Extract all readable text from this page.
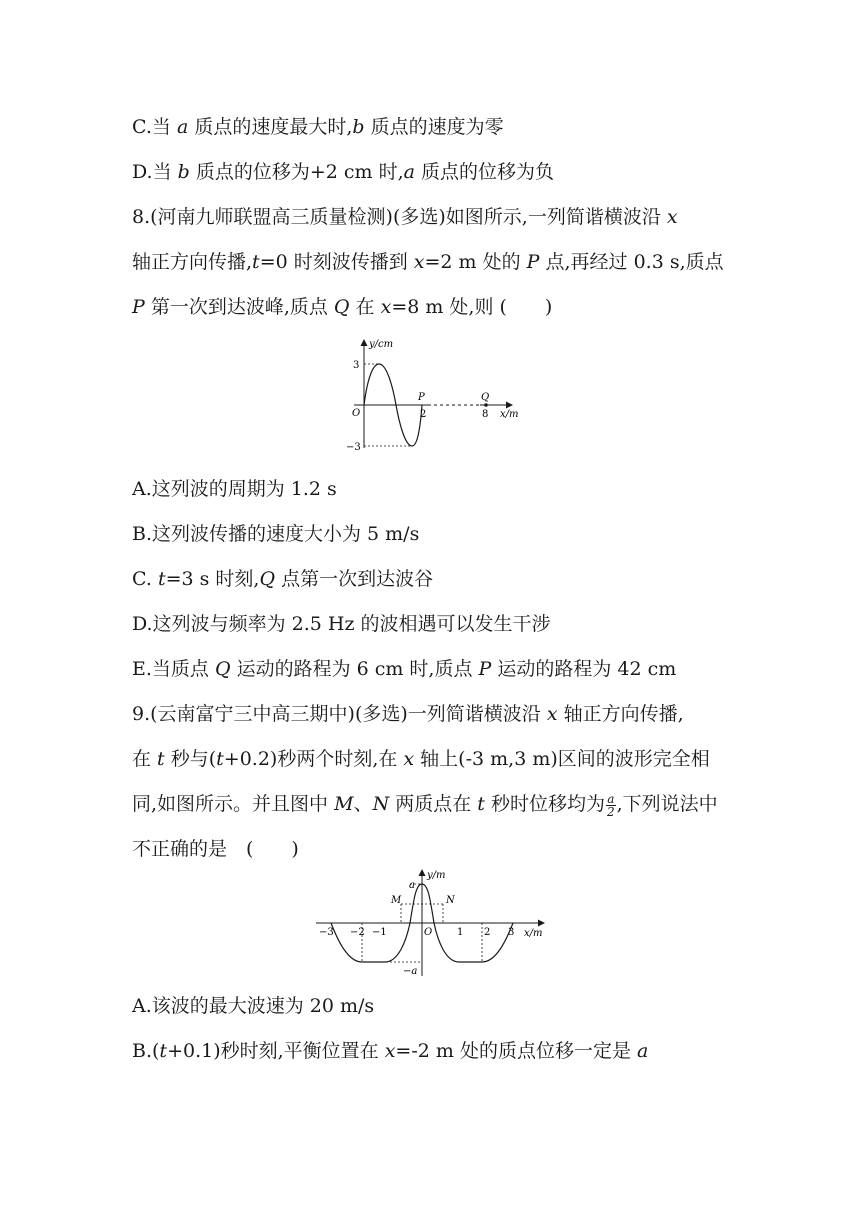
C.当 a 质点的速度最大时,b 质点的速度为零
D.当 b 质点的位移为+2 cm 时,a 质点的位移为负
8.(河南九师联盟高三质量检测)(多选)如图所示,一列简谐横波沿 x
轴正方向传播,t=0 时刻波传播到 x=2 m 处的 P 点,再经过 0.3 s,质点
P 第一次到达波峰,质点 Q 在 x=8 m 处,则 (　　)
y/cm
3
−3
O
P
2
Q
8 x/m
A.这列波的周期为 1.2 s
B.这列波传播的速度大小为 5 m/s
C. t=3 s 时刻,Q 点第一次到达波谷
D.这列波与频率为 2.5 Hz 的波相遇可以发生干涉
E.当质点 Q 运动的路程为 6 cm 时,质点 P 运动的路程为 42 cm
9.(云南富宁三中高三期中)(多选)一列简谐横波沿 x 轴正方向传播,
在 t 秒与(t+0.2)秒两个时刻,在 x 轴上(-3 m,3 m)区间的波形完全相
同,如图所示。并且图中 M、N 两质点在 t 秒时位移均为 $\frac{a}{2}$ ,下列说法中
不正确的是　(　　)
y/m
a
−a
M	N
O
−3 −2 −1	1 2 3 x/m
A.该波的最大波速为 20 m/s
B.(t+0.1)秒时刻,平衡位置在 x=-2 m 处的质点位移一定是 a
